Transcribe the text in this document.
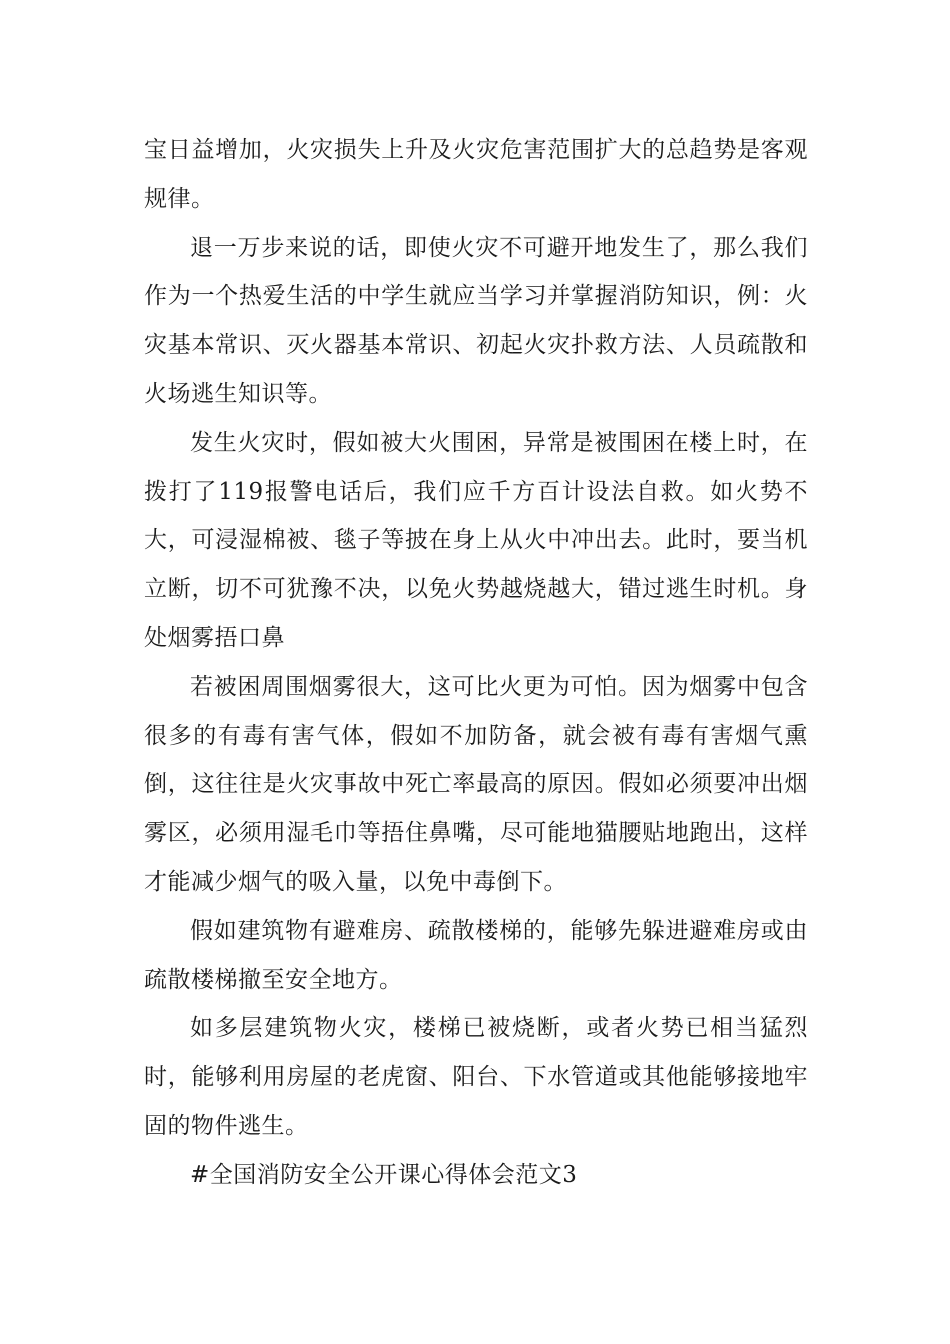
宝日益增加，火灾损失上升及火灾危害范围扩大的总趋势是客观规律。

退一万步来说的话，即使火灾不可避开地发生了，那么我们作为一个热爱生活的中学生就应当学习并掌握消防知识，例：火灾基本常识、灭火器基本常识、初起火灾扑救方法、人员疏散和火场逃生知识等。

发生火灾时，假如被大火围困，异常是被围困在楼上时，在拨打了119报警电话后，我们应千方百计设法自救。如火势不大，可浸湿棉被、毯子等披在身上从火中冲出去。此时，要当机立断，切不可犹豫不决，以免火势越烧越大，错过逃生时机。身处烟雾捂口鼻

若被困周围烟雾很大，这可比火更为可怕。因为烟雾中包含很多的有毒有害气体，假如不加防备，就会被有毒有害烟气熏倒，这往往是火灾事故中死亡率最高的原因。假如必须要冲出烟雾区，必须用湿毛巾等捂住鼻嘴，尽可能地猫腰贴地跑出，这样才能减少烟气的吸入量，以免中毒倒下。

假如建筑物有避难房、疏散楼梯的，能够先躲进避难房或由疏散楼梯撤至安全地方。

如多层建筑物火灾，楼梯已被烧断，或者火势已相当猛烈时，能够利用房屋的老虎窗、阳台、下水管道或其他能够接地牢固的物件逃生。

#全国消防安全公开课心得体会范文3
